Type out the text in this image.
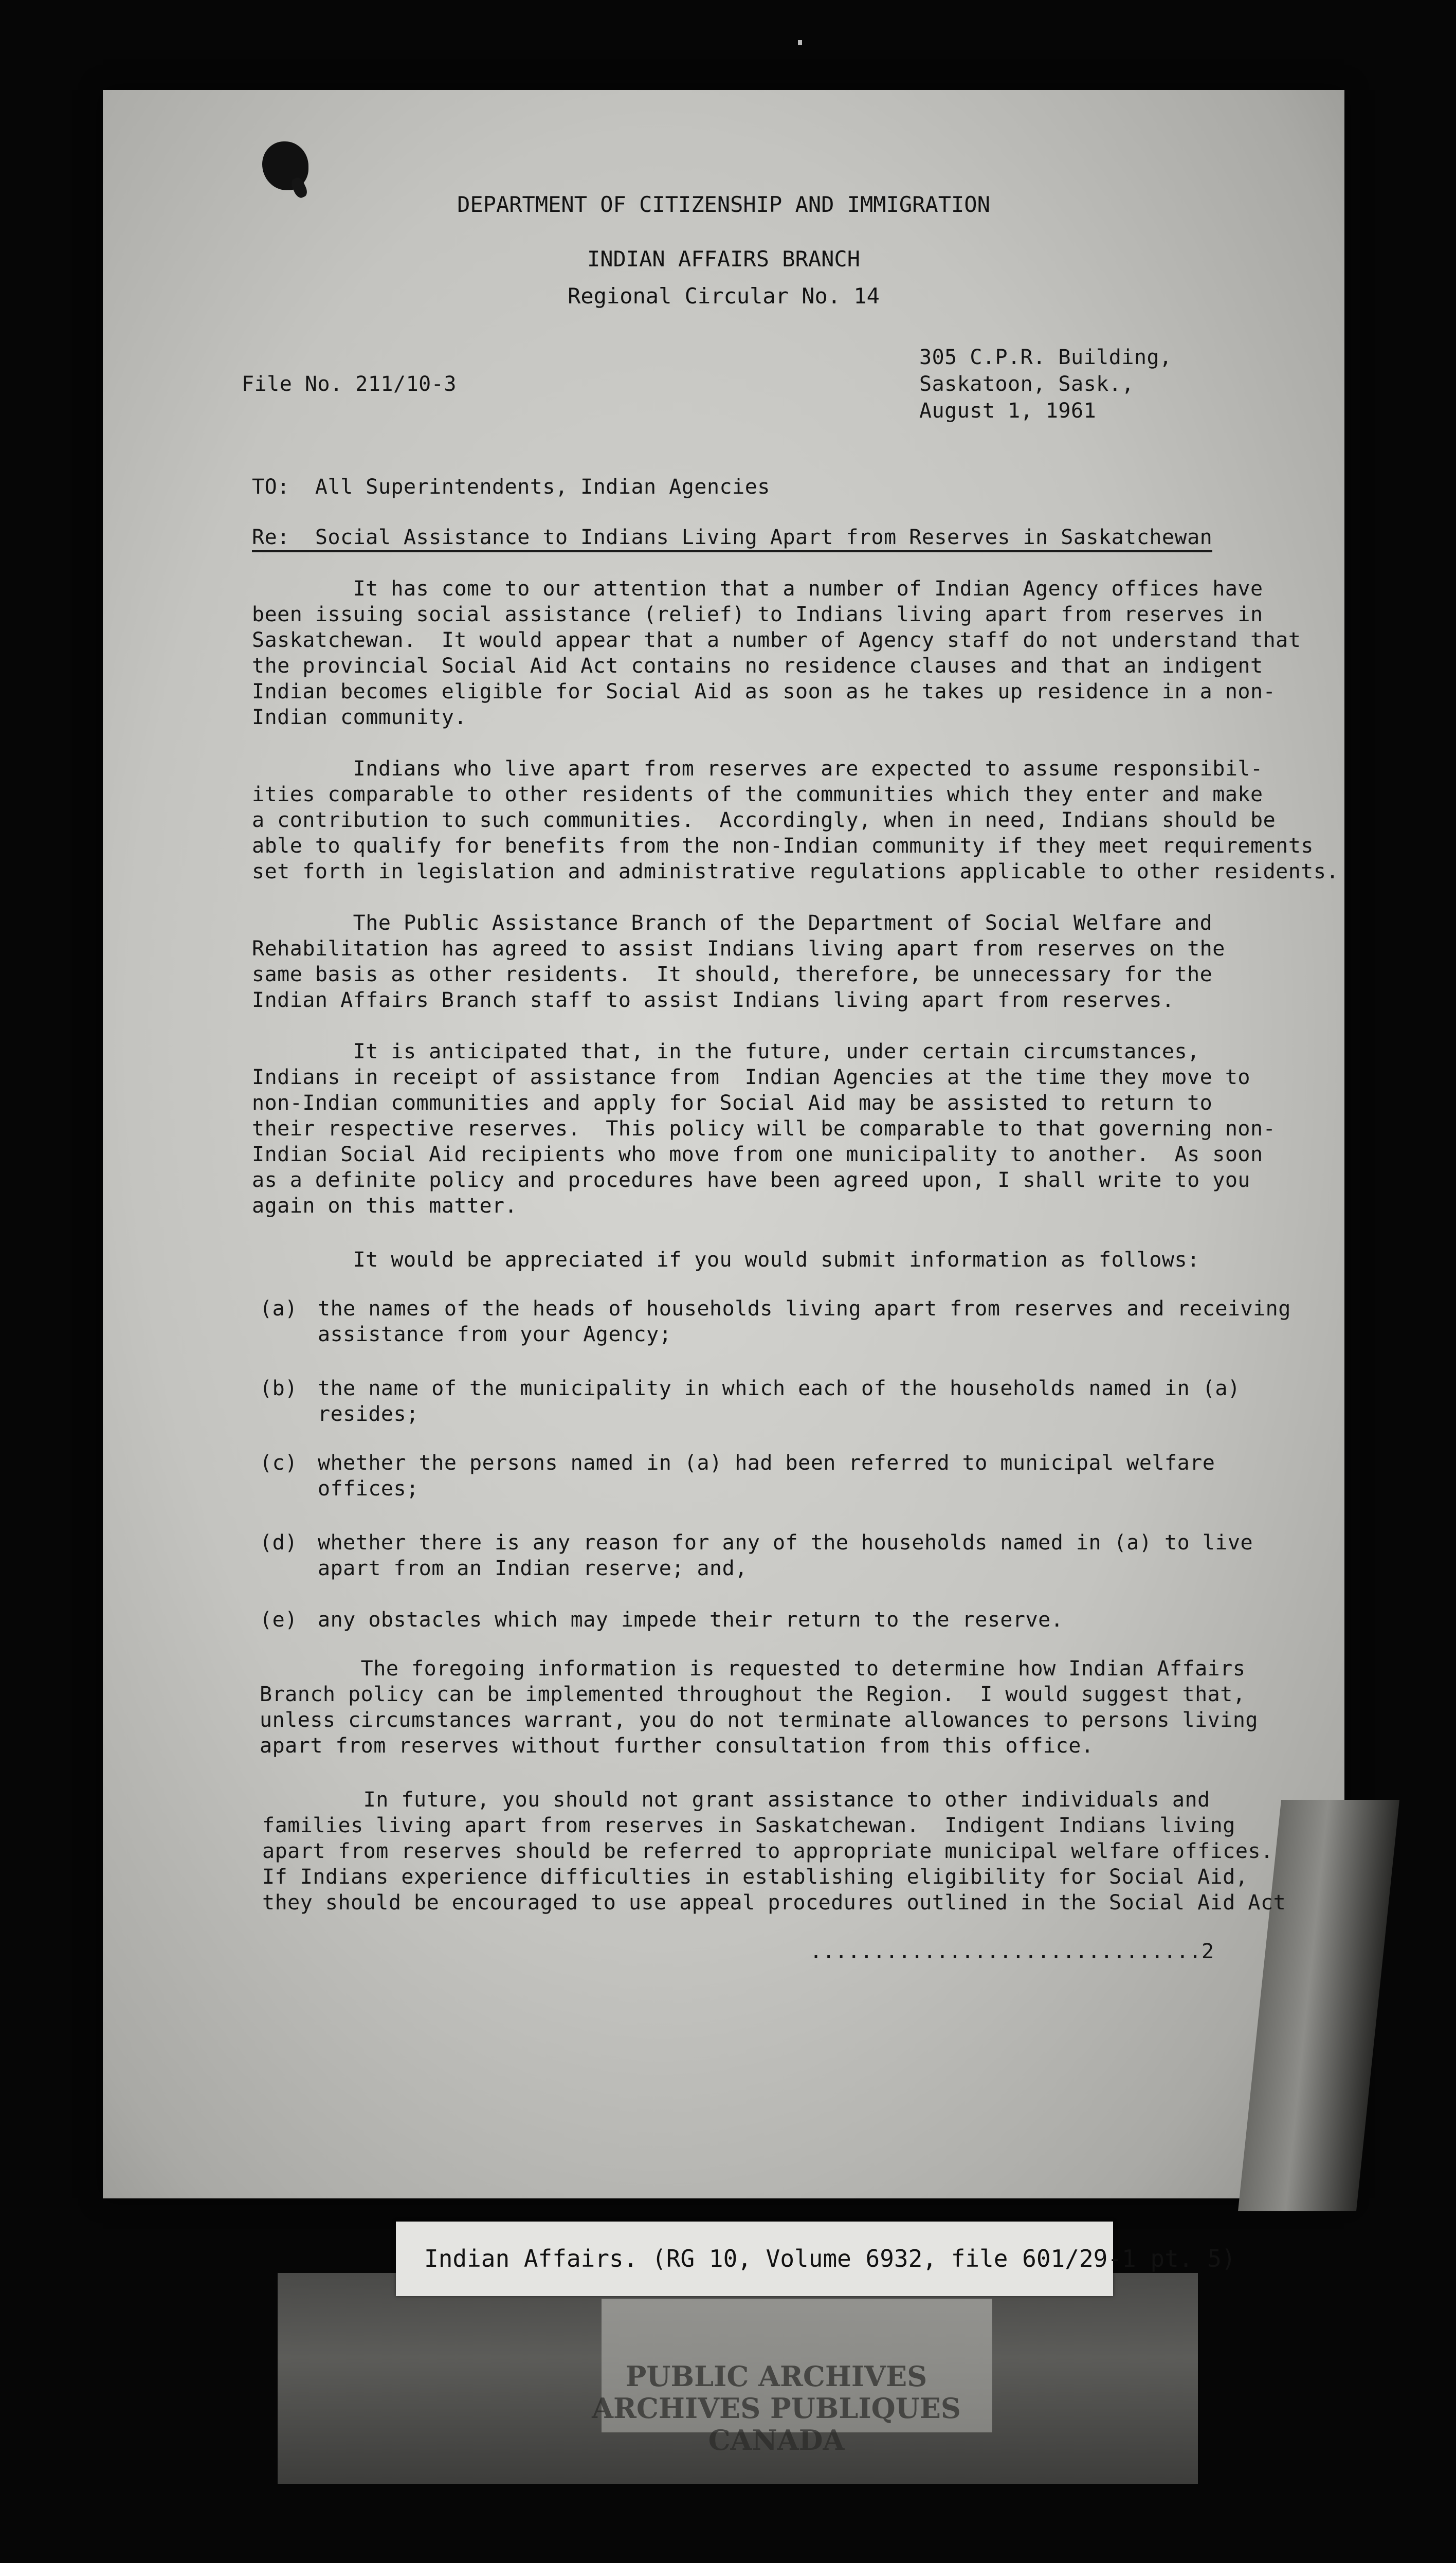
DEPARTMENT OF CITIZENSHIP AND IMMIGRATION
INDIAN AFFAIRS BRANCH
Regional Circular No. 14
File No. 211/10-3
305 C.P.R. Building,
Saskatoon, Sask.,
August 1, 1961
TO:  All Superintendents, Indian Agencies
Re:  Social Assistance to Indians Living Apart from Reserves in Saskatchewan
It has come to our attention that a number of Indian Agency offices have
been issuing social assistance (relief) to Indians living apart from reserves in
Saskatchewan.  It would appear that a number of Agency staff do not understand that
the provincial Social Aid Act contains no residence clauses and that an indigent
Indian becomes eligible for Social Aid as soon as he takes up residence in a non-
Indian community.
Indians who live apart from reserves are expected to assume responsibil-
ities comparable to other residents of the communities which they enter and make
a contribution to such communities.  Accordingly, when in need, Indians should be
able to qualify for benefits from the non-Indian community if they meet requirements
set forth in legislation and administrative regulations applicable to other residents.
The Public Assistance Branch of the Department of Social Welfare and
Rehabilitation has agreed to assist Indians living apart from reserves on the
same basis as other residents.  It should, therefore, be unnecessary for the
Indian Affairs Branch staff to assist Indians living apart from reserves.
It is anticipated that, in the future, under certain circumstances,
Indians in receipt of assistance from  Indian Agencies at the time they move to
non-Indian communities and apply for Social Aid may be assisted to return to
their respective reserves.  This policy will be comparable to that governing non-
Indian Social Aid recipients who move from one municipality to another.  As soon
as a definite policy and procedures have been agreed upon, I shall write to you
again on this matter.
It would be appreciated if you would submit information as follows:
(a) the names of the heads of households living apart from reserves and receiving
assistance from your Agency;
(b) the name of the municipality in which each of the households named in (a)
resides;
(c) whether the persons named in (a) had been referred to municipal welfare
offices;
(d) whether there is any reason for any of the households named in (a) to live
apart from an Indian reserve; and,
(e) any obstacles which may impede their return to the reserve.
The foregoing information is requested to determine how Indian Affairs
Branch policy can be implemented throughout the Region.  I would suggest that,
unless circumstances warrant, you do not terminate allowances to persons living
apart from reserves without further consultation from this office.
In future, you should not grant assistance to other individuals and
families living apart from reserves in Saskatchewan.  Indigent Indians living
apart from reserves should be referred to appropriate municipal welfare offices.
If Indians experience difficulties in establishing eligibility for Social Aid,
they should be encouraged to use appeal procedures outlined in the Social Aid Act
...............................2
PUBLIC ARCHIVES
ARCHIVES PUBLIQUES
CANADA
Indian Affairs. (RG 10, Volume 6932, file 601/29-1 pt. 5)
